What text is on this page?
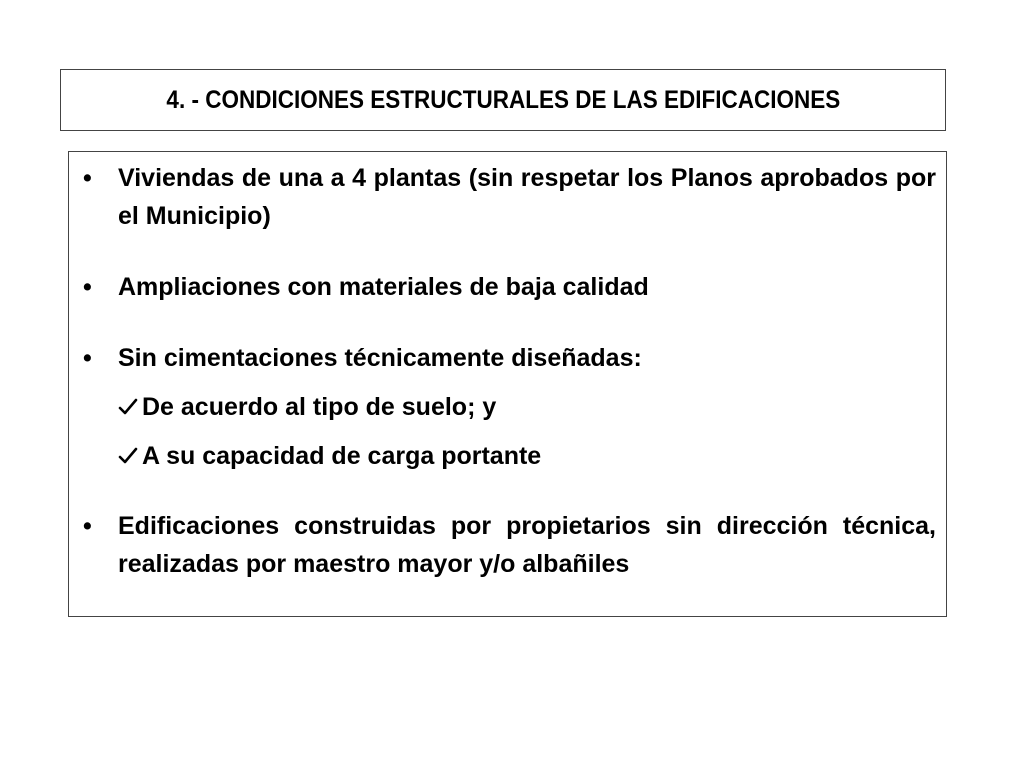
4. - CONDICIONES ESTRUCTURALES DE LAS EDIFICACIONES
• Viviendas de una a 4 plantas (sin respetar los Planos aprobados por el Municipio)
• Ampliaciones con materiales de baja calidad
• Sin cimentaciones técnicamente diseñadas:
De acuerdo al tipo de suelo; y
A su capacidad de carga portante
• Edificaciones construidas por propietarios sin dirección técnica, realizadas por maestro mayor y/o albañiles
